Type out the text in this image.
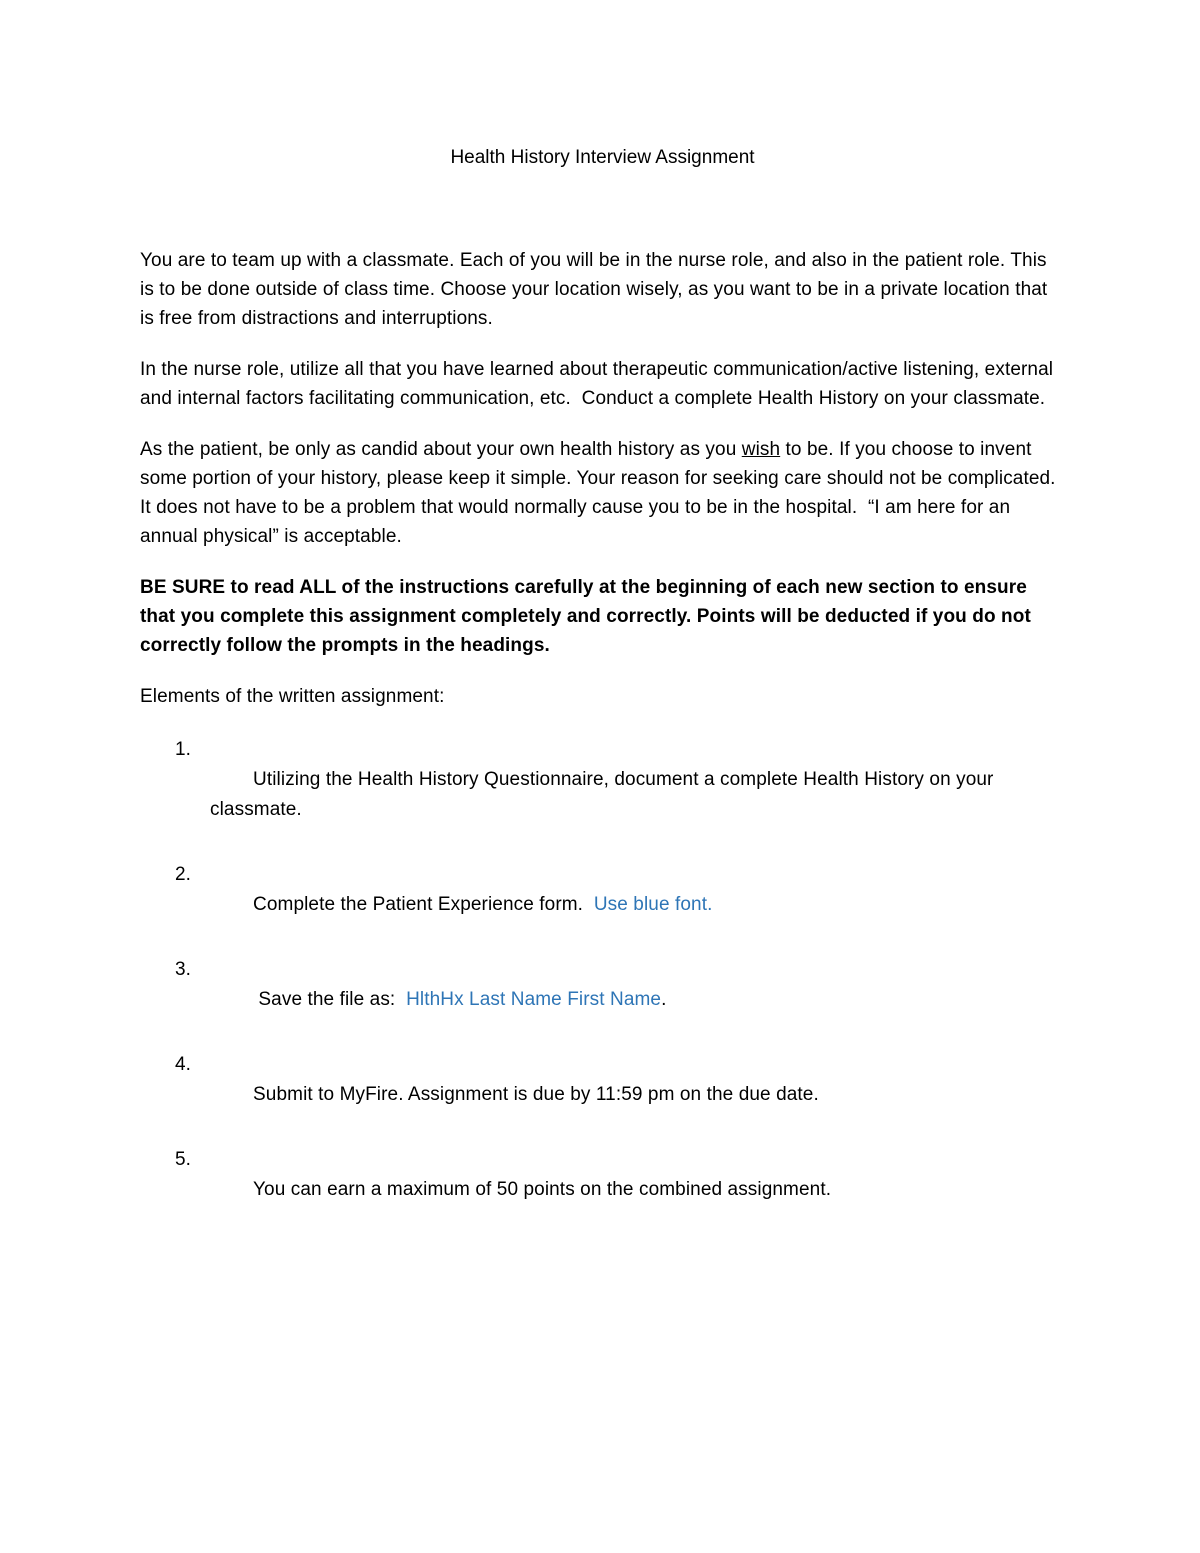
Health History Interview Assignment

You are to team up with a classmate. Each of you will be in the nurse role, and also in the patient role. This is to be done outside of class time. Choose your location wisely, as you want to be in a private location that is free from distractions and interruptions.

In the nurse role, utilize all that you have learned about therapeutic communication/active listening, external and internal factors facilitating communication, etc.  Conduct a complete Health History on your classmate.

As the patient, be only as candid about your own health history as you wish to be. If you choose to invent some portion of your history, please keep it simple. Your reason for seeking care should not be complicated.  It does not have to be a problem that would normally cause you to be in the hospital.  “I am here for an annual physical” is acceptable.

BE SURE to read ALL of the instructions carefully at the beginning of each new section to ensure that you complete this assignment completely and correctly. Points will be deducted if you do not correctly follow the prompts in the headings.

Elements of the written assignment:

1.
Utilizing the Health History Questionnaire, document a complete Health History on your classmate.

2.
Complete the Patient Experience form.  Use blue font.

3.
Save the file as:  HlthHx Last Name First Name.

4.
Submit to MyFire. Assignment is due by 11:59 pm on the due date.

5.
You can earn a maximum of 50 points on the combined assignment.
